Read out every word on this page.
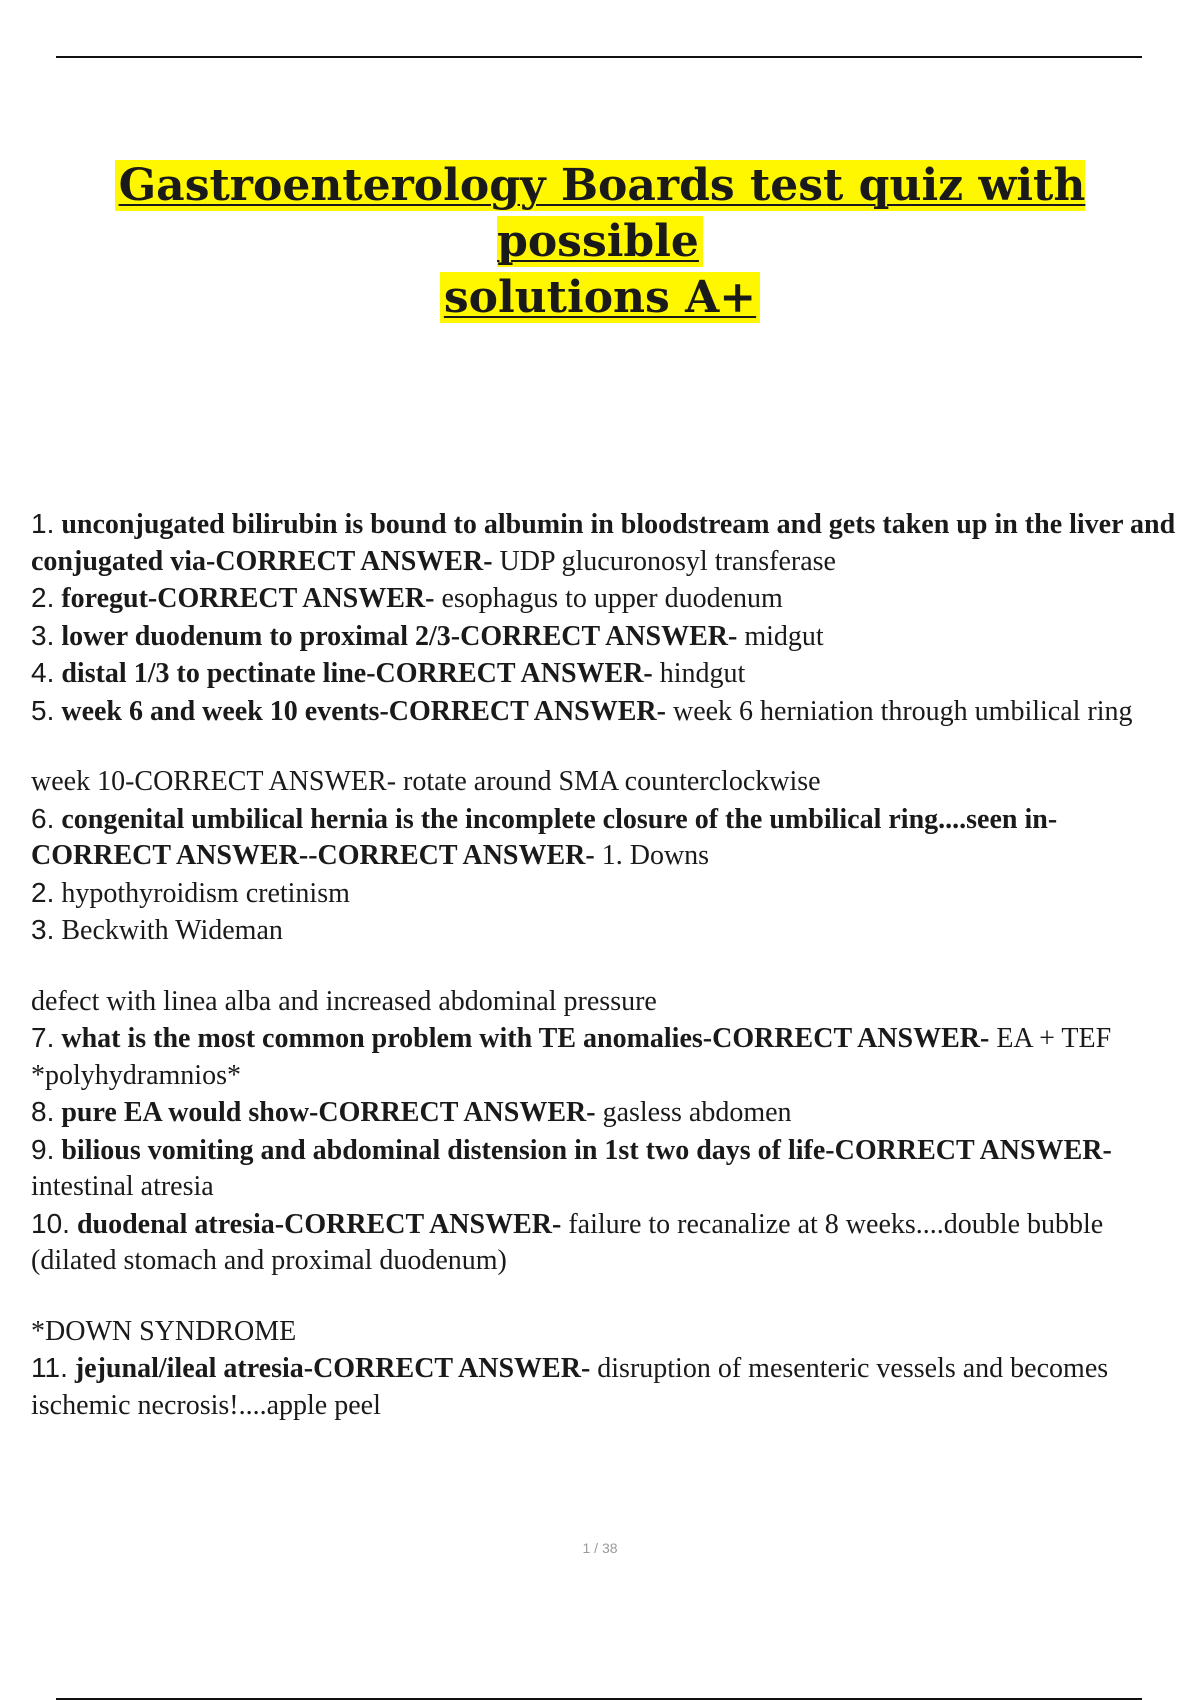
Gastroenterology Boards test quiz with possible
solutions A+

1. unconjugated bilirubin is bound to albumin in bloodstream and gets taken up in the liver and conjugated via-CORRECT ANSWER- UDP glucuronosyl transferase

2. foregut-CORRECT ANSWER- esophagus to upper duodenum

3. lower duodenum to proximal 2/3-CORRECT ANSWER- midgut

4. distal 1/3 to pectinate line-CORRECT ANSWER- hindgut

5. week 6 and week 10 events-CORRECT ANSWER- week 6 herniation through umbilical ring

week 10-CORRECT ANSWER- rotate around SMA counterclockwise

6. congenital umbilical hernia is the incomplete closure of the umbilical ring....seen in-CORRECT ANSWER--CORRECT ANSWER- 1. Downs

2. hypothyroidism cretinism

3. Beckwith Wideman

defect with linea alba and increased abdominal pressure

7. what is the most common problem with TE anomalies-CORRECT ANSWER- EA + TEF

*polyhydramnios*

8. pure EA would show-CORRECT ANSWER- gasless abdomen

9. bilious vomiting and abdominal distension in 1st two days of life-CORRECT ANSWER- intestinal atresia

10. duodenal atresia-CORRECT ANSWER- failure to recanalize at 8 weeks....double bubble (dilated stomach and proximal duodenum)

*DOWN SYNDROME

11. jejunal/ileal atresia-CORRECT ANSWER- disruption of mesenteric vessels and becomes ischemic necrosis!....apple peel

1 / 38
